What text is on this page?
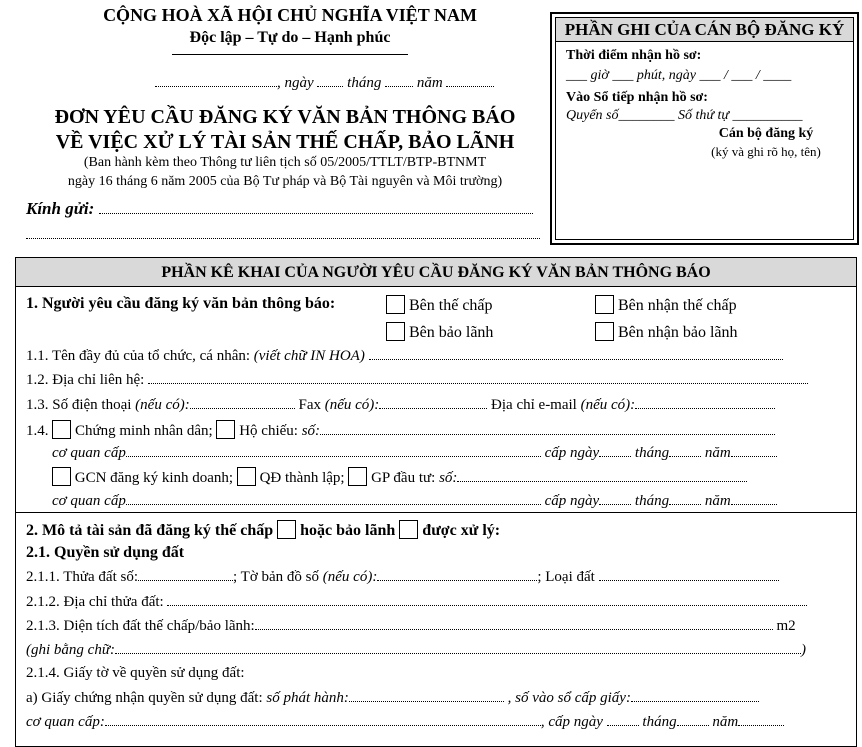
CỘNG HOÀ XÃ HỘI CHỦ NGHĨA VIỆT NAM
Độc lập – Tự do – Hạnh phúc
, ngày tháng năm
ĐƠN YÊU CẦU ĐĂNG KÝ VĂN BẢN THÔNG BÁO
VỀ VIỆC XỬ LÝ TÀI SẢN THẾ CHẤP, BẢO LÃNH
(Ban hành kèm theo Thông tư liên tịch số 05/2005/TTLT/BTP-BTNMT
ngày 16 tháng 6 năm 2005 của Bộ Tư pháp và Bộ Tài nguyên và Môi trường)
Kính gửi:
PHẦN GHI CỦA CÁN BỘ ĐĂNG KÝ
Thời điểm nhận hồ sơ:
___ giờ ___ phút, ngày ___ / ___ / ____
Vào Sổ tiếp nhận hồ sơ:
Quyển số________ Số thứ tự __________
Cán bộ đăng ký
(ký và ghi rõ họ, tên)
PHẦN KÊ KHAI CỦA NGƯỜI YÊU CẦU ĐĂNG KÝ VĂN BẢN THÔNG BÁO
1. Người yêu cầu đăng ký văn bản thông báo:	Bên thế chấp	Bên nhận thế chấp
Bên bảo lãnh	Bên nhận bảo lãnh
1.1. Tên đầy đủ của tổ chức, cá nhân: (viết chữ IN HOA)
1.2. Địa chỉ liên hệ:
1.3. Số điện thoại (nếu có):	Fax (nếu có):	Địa chỉ e-mail (nếu có):
1.4. Chứng minh nhân dân; Hộ chiếu: số:
cơ quan cấp	cấp ngày tháng năm
GCN đăng ký kinh doanh; QĐ thành lập; GP đầu tư: số:
cơ quan cấp	cấp ngày tháng năm
2. Mô tả tài sản đã đăng ký thế chấp hoặc bảo lãnh được xử lý:
2.1. Quyền sử dụng đất
2.1.1. Thửa đất số:	; Tờ bản đồ số (nếu có):	; Loại đất
2.1.2. Địa chỉ thửa đất:
2.1.3. Diện tích đất thế chấp/bảo lãnh:	m2
(ghi bằng chữ:	)
2.1.4. Giấy tờ về quyền sử dụng đất:
a) Giấy chứng nhận quyền sử dụng đất: số phát hành:	, số vào sổ cấp giấy:
cơ quan cấp:	, cấp ngày	tháng năm
